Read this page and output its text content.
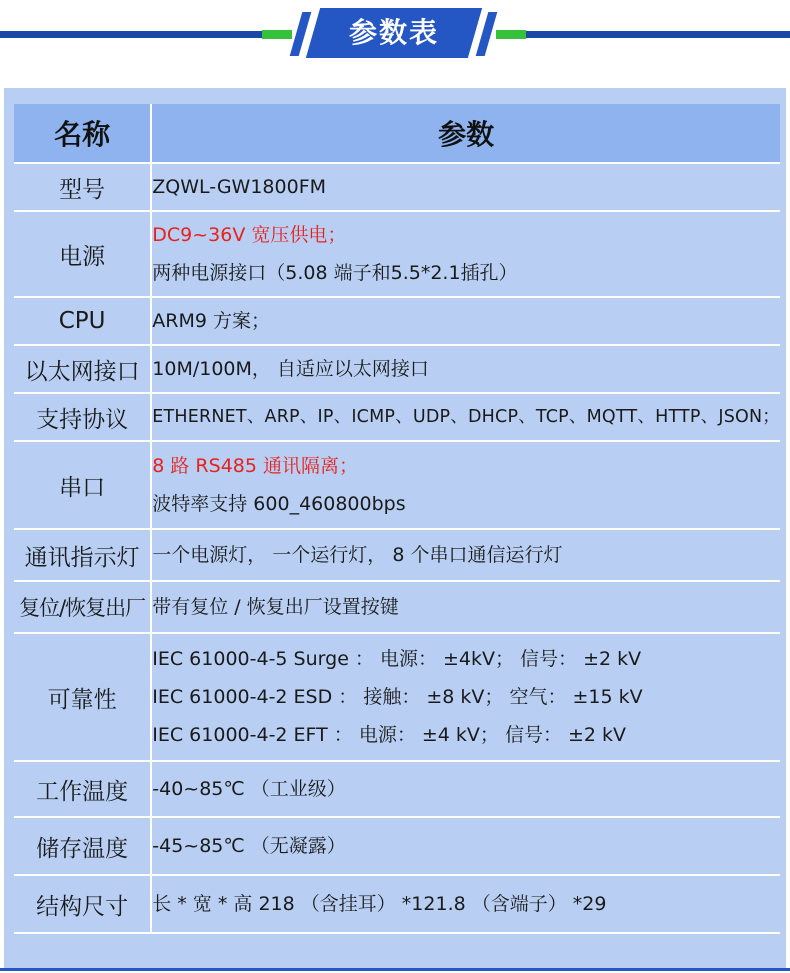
参数表
名称	参数
型号	ZQWL-GW1800FM

电源	DC9~36V 宽压供电；
两种电源接口（5.08 端子和5.5*2.1插孔）

CPU	ARM9 方案；

以太网接口	10M/100M， 自适应以太网接口

支持协议	ETHERNET、ARP、IP、ICMP、UDP、DHCP、TCP、MQTT、HTTP、JSON；

串口	8 路 RS485 通讯隔离；
波特率支持 600_460800bps

通讯指示灯	一个电源灯， 一个运行灯， 8 个串口通信运行灯

复位/恢复出厂	带有复位 / 恢复出厂设置按键

可靠性	IEC 61000-4-5 Surge ： 电源： ±4kV； 信号： ±2 kV
IEC 61000-4-2 ESD ： 接触： ±8 kV； 空气： ±15 kV
IEC 61000-4-2 EFT ： 电源： ±4 kV； 信号： ±2 kV

工作温度	-40~85℃ （工业级）

储存温度	-45~85℃ （无凝露）

结构尺寸	长 * 宽 * 高 218 （含挂耳） *121.8 （含端子） *29
